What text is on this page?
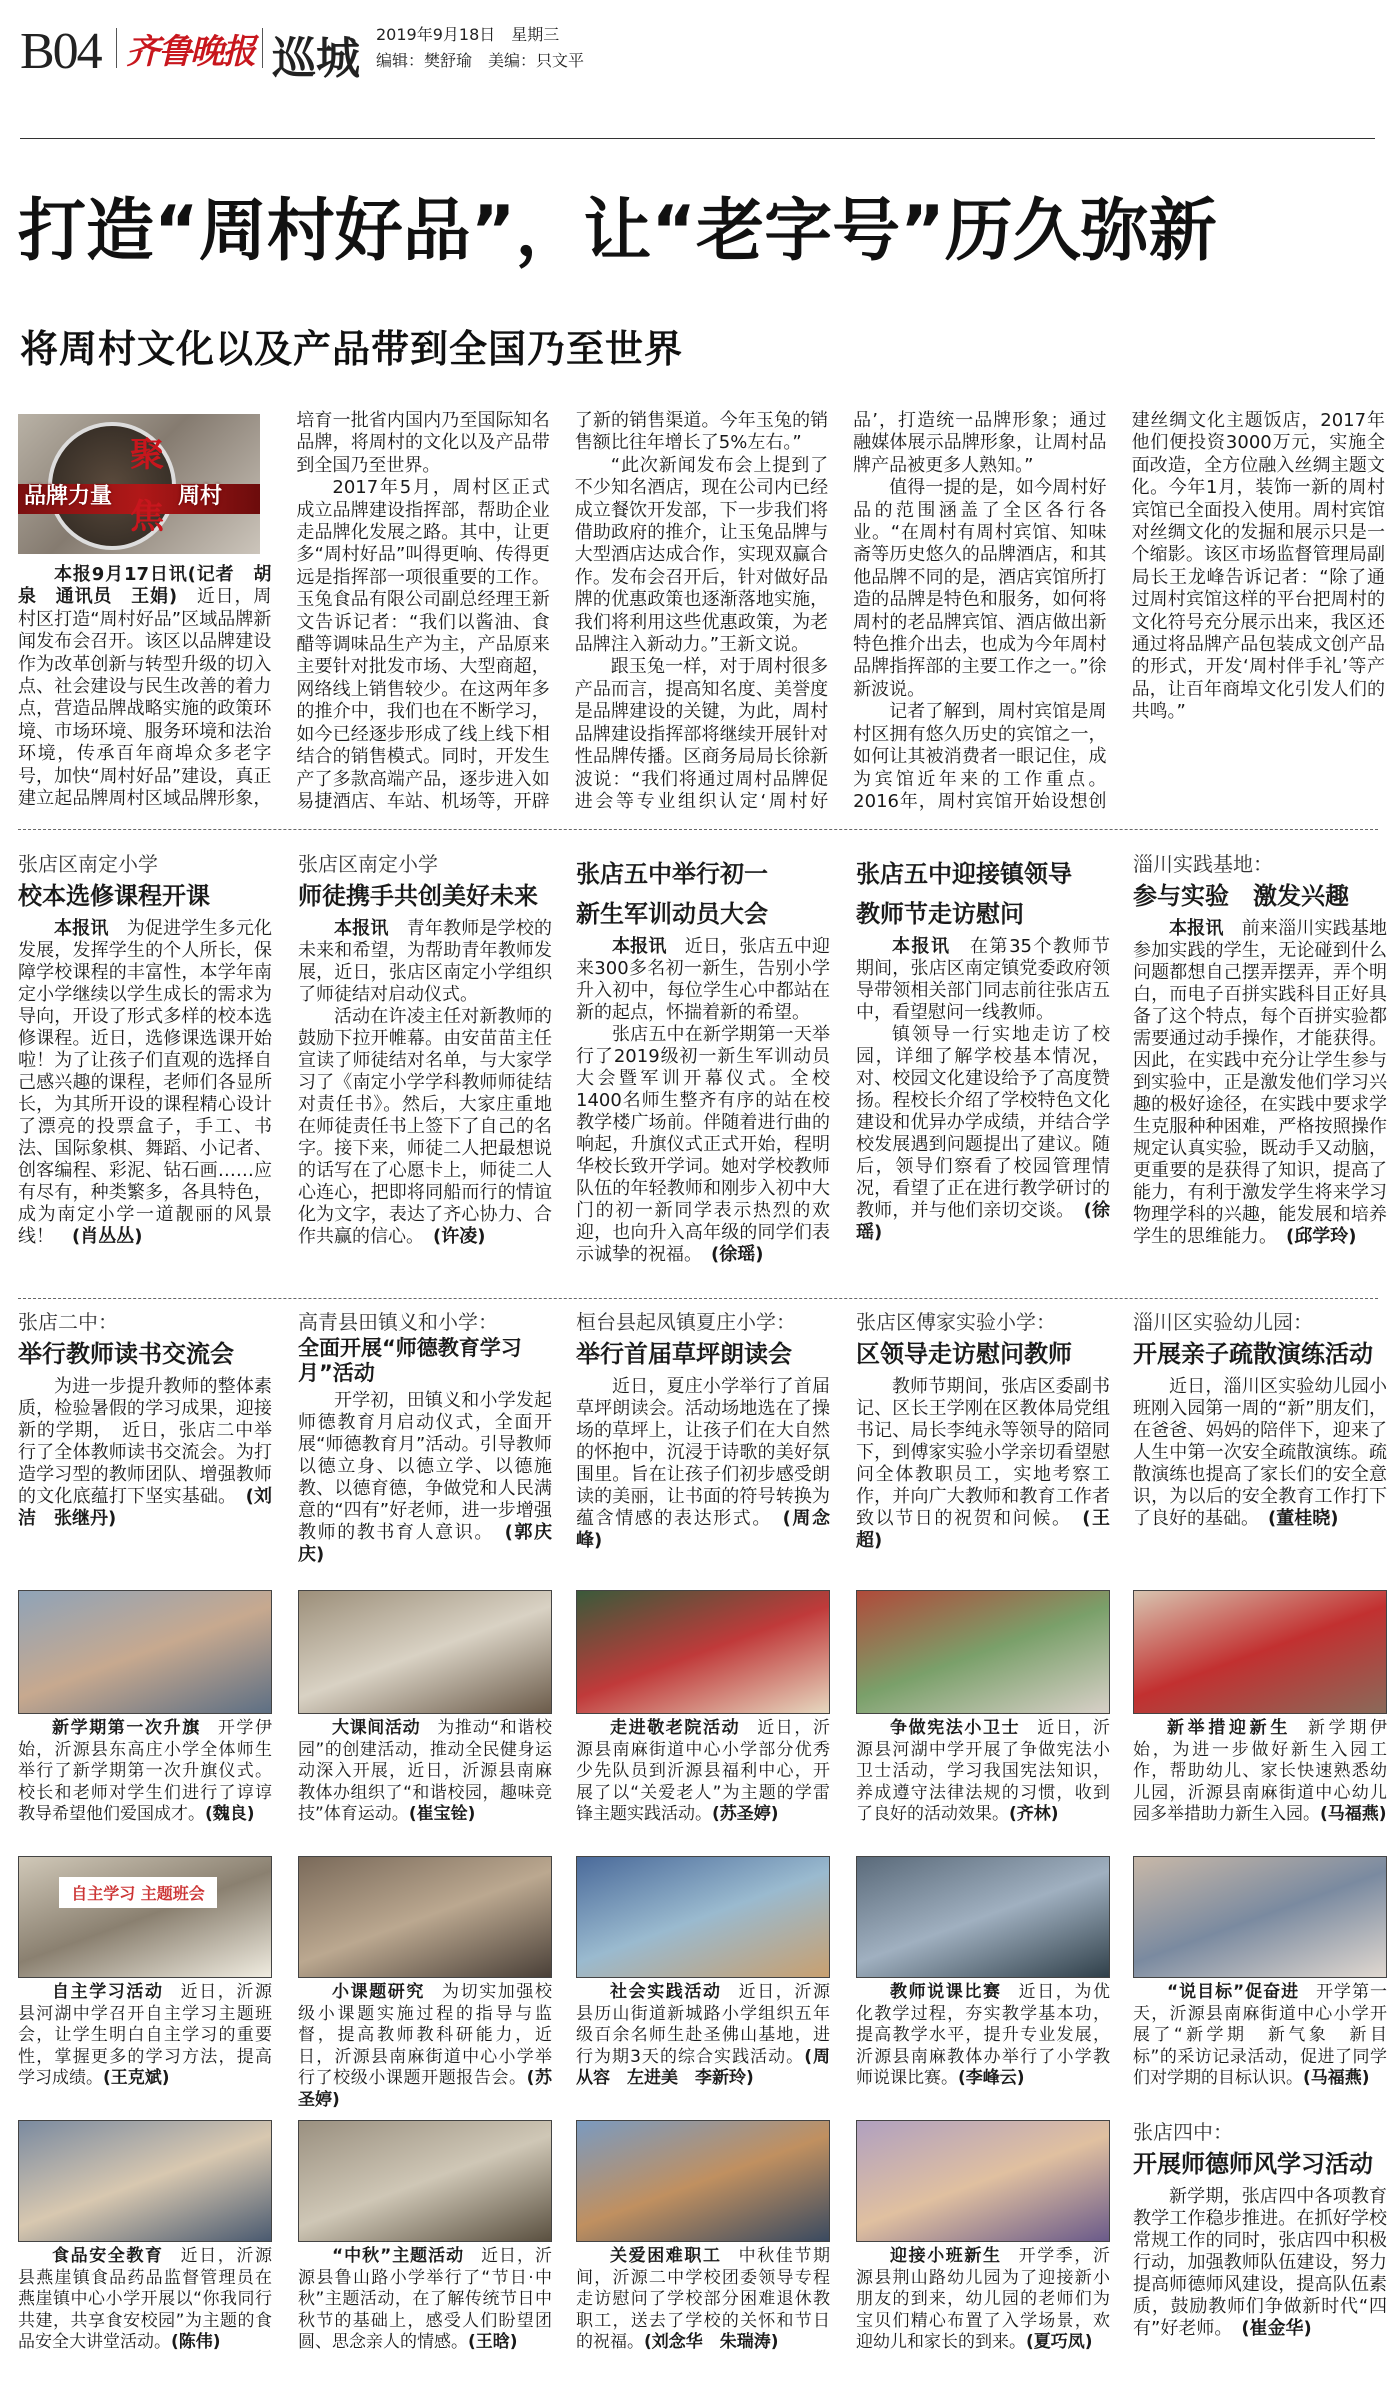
B04 齐鲁晚报 巡城 2019年9月18日　 星期三
编辑：樊舒瑜　 美编：只文平
打造“周村好品”，让“老字号”历久弥新
将周村文化以及产品带到全国乃至世界
品牌力量
聚焦
周村

本报9月17日讯(记者　胡泉　通讯员　王娟)　 近日，周村区打造“周村好品”区域品牌新闻发布会召开。该区以品牌建设作为改革创新与转型升级的切入点、社会建设与民生改善的着力点，营造品牌战略实施的政策环境、市场环境、服务环境和法治环境，传承百年商埠众多老字号，加快“周村好品”建设，真正建立起品牌周村区域品牌形象，培育一批省内国内乃至国际知名品牌，将周村的文化以及产品带到全国乃至世界。

2017年5月，周村区正式成立品牌建设指挥部，帮助企业走品牌化发展之路。其中，让更多“周村好品”叫得更响、传得更远是指挥部一项很重要的工作。玉兔食品有限公司副总经理王新文告诉记者：“我们以酱油、食醋等调味品生产为主，产品原来主要针对批发市场、大型商超，网络线上销售较少。在这两年多的推介中，我们也在不断学习，如今已经逐步形成了线上线下相结合的销售模式。同时，开发生产了多款高端产品，逐步进入如易捷酒店、车站、机场等，开辟了新的销售渠道。今年玉兔的销售额比往年增长了5%左右。”

“此次新闻发布会上提到了不少知名酒店，现在公司内已经成立餐饮开发部，下一步我们将借助政府的推介，让玉兔品牌与大型酒店达成合作，实现双赢合作。发布会召开后，针对做好品牌的优惠政策也逐渐落地实施，我们将利用这些优惠政策，为老品牌注入新动力。”王新文说。

跟玉兔一样，对于周村很多产品而言，提高知名度、美誉度是品牌建设的关键，为此，周村品牌建设指挥部将继续开展针对性品牌传播。区商务局局长徐新波说：“我们将通过周村品牌促进会等专业组织认定‘周村好品’，打造统一品牌形象；通过融媒体展示品牌形象，让周村品牌产品被更多人熟知。”

值得一提的是，如今周村好品的范围涵盖了全区各行各业。“在周村有周村宾馆、知味斋等历史悠久的品牌酒店，和其他品牌不同的是，酒店宾馆所打造的品牌是特色和服务，如何将周村的老品牌宾馆、酒店做出新特色推介出去，也成为今年周村品牌指挥部的主要工作之一。”徐新波说。

记者了解到，周村宾馆是周村区拥有悠久历史的宾馆之一，如何让其被消费者一眼记住，成为宾馆近年来的工作重点。2016年，周村宾馆开始设想创建丝绸文化主题饭店，2017年他们便投资3000万元，实施全面改造，全方位融入丝绸主题文化。今年1月，装饰一新的周村宾馆已全面投入使用。周村宾馆对丝绸文化的发掘和展示只是一个缩影。该区市场监督管理局副局长王龙峰告诉记者：“除了通过周村宾馆这样的平台把周村的文化符号充分展示出来，我区还通过将品牌产品包装成文创产品的形式，开发‘周村伴手礼’等产品，让百年商埠文化引发人们的共鸣。”

张店区南定小学
校本选修课程开课

本报讯　 为促进学生多元化发展，发挥学生的个人所长，保障学校课程的丰富性，本学年南定小学继续以学生成长的需求为导向，开设了形式多样的校本选修课程。近日，选修课选课开始啦！为了让孩子们直观的选择自己感兴趣的课程，老师们各显所长，为其所开设的课程精心设计了漂亮的投票盒子，手工、书法、国际象棋、舞蹈、小记者、创客编程、彩泥、钻石画……应有尽有，种类繁多，各具特色，成为南定小学一道靓丽的风景线！　 (肖丛丛)

张店区南定小学
师徒携手共创美好未来

本报讯　 青年教师是学校的未来和希望，为帮助青年教师发展，近日，张店区南定小学组织了师徒结对启动仪式。

活动在许凌主任对新教师的鼓励下拉开帷幕。由安苗苗主任宣读了师徒结对名单，与大家学习了《南定小学学科教师师徒结对责任书》。然后，大家庄重地在师徒责任书上签下了自己的名字。接下来，师徒二人把最想说的话写在了心愿卡上，师徒二人心连心，把即将同船而行的情谊化为文字，表达了齐心协力、合作共赢的信心。　 (许凌)

张店五中举行初一
新生军训动员大会

本报讯　 近日，张店五中迎来300多名初一新生，告别小学升入初中，每位学生心中都站在新的起点，怀揣着新的希望。

张店五中在新学期第一天举行了2019级初一新生军训动员大会暨军训开幕仪式。全校1400名师生整齐有序的站在校教学楼广场前。伴随着进行曲的响起，升旗仪式正式开始，程明华校长致开学词。她对学校教师队伍的年轻教师和刚步入初中大门的初一新同学表示热烈的欢迎，也向升入高年级的同学们表示诚挚的祝福。　 (徐瑶)

张店五中迎接镇领导
教师节走访慰问

本报讯　 在第35个教师节期间，张店区南定镇党委政府领导带领相关部门同志前往张店五中，看望慰问一线教师。

镇领导一行实地走访了校园，详细了解学校基本情况，对、校园文化建设给予了高度赞扬。程校长介绍了学校特色文化建设和优异办学成绩，并结合学校发展遇到问题提出了建议。随后，领导们察看了校园管理情况，看望了正在进行教学研讨的教师，并与他们亲切交谈。　 (徐瑶)

淄川实践基地：
参与实验　激发兴趣

本报讯　 前来淄川实践基地参加实践的学生，无论碰到什么问题都想自己摆弄摆弄，弄个明白，而电子百拼实践科目正好具备了这个特点，每个百拼实验都需要通过动手操作，才能获得。因此，在实践中充分让学生参与到实验中，正是激发他们学习兴趣的极好途径，在实践中要求学生克服种种困难，严格按照操作规定认真实验，既动手又动脑，更重要的是获得了知识，提高了能力，有利于激发学生将来学习物理学科的兴趣，能发展和培养学生的思维能力。　 (邱学玲)

张店二中：
举行教师读书交流会

为进一步提升教师的整体素质，检验暑假的学习成果，迎接新的学期，　近日，张店二中举行了全体教师读书交流会。为打造学习型的教师团队、增强教师的文化底蕴打下坚实基础。　 (刘洁　张继丹)

高青县田镇义和小学：
全面开展“师德教育学习月”活动

开学初，田镇义和小学发起师德教育月启动仪式，全面开展“师德教育月”活动。引导教师以德立身、以德立学、以德施教、以德育德，争做党和人民满意的“四有”好老师，进一步增强教师的教书育人意识。　 (郭庆庆)

桓台县起凤镇夏庄小学：
举行首届草坪朗读会

近日，夏庄小学举行了首届草坪朗读会。活动场地选在了操场的草坪上，让孩子们在大自然的怀抱中，沉浸于诗歌的美好氛围里。旨在让孩子们初步感受朗读的美丽，让书面的符号转换为蕴含情感的表达形式。　 (周念峰)

张店区傅家实验小学：
区领导走访慰问教师

教师节期间，张店区委副书记、区长王学刚在区教体局党组书记、局长李纯永等领导的陪同下，到傅家实验小学亲切看望慰问全体教职员工，实地考察工作，并向广大教师和教育工作者致以节日的祝贺和问候。　 (王超)

淄川区实验幼儿园：
开展亲子疏散演练活动

近日，淄川区实验幼儿园小班刚入园第一周的“新”朋友们，在爸爸、妈妈的陪伴下，迎来了人生中第一次安全疏散演练。疏散演练也提高了家长们的安全意识，为以后的安全教育工作打下了良好的基础。　 (董桂晓)

张店四中：
开展师德师风学习活动

新学期，张店四中各项教育教学工作稳步推进。在抓好学校常规工作的同时，张店四中积极行动，加强教师队伍建设，努力提高师德师风建设，提高队伍素质，鼓励教师们争做新时代“四有”好老师。　 (崔金华)

新学期第一次升旗 开学伊始，沂源县东高庄小学全体师生举行了新学期第一次升旗仪式。校长和老师对学生们进行了谆谆教导希望他们爱国成才。(魏良)
大课间活动 为推动“和谐校园”的创建活动，推动全民健身运动深入开展，近日，沂源县南麻教体办组织了“和谐校园，趣味竞技”体育运动。(崔宝铨)
走进敬老院活动 近日，沂源县南麻街道中心小学部分优秀少先队员到沂源县福利中心，开展了以“关爱老人”为主题的学雷锋主题实践活动。(苏圣婷)
争做宪法小卫士 近日，沂源县河湖中学开展了争做宪法小卫士活动，学习我国宪法知识，养成遵守法律法规的习惯，收到了良好的活动效果。(齐林)
新举措迎新生 新学期伊始，为进一步做好新生入园工作，帮助幼儿、家长快速熟悉幼儿园，沂源县南麻街道中心幼儿园多举措助力新生入园。(马福燕)
自主学习 主题班会
自主学习活动 近日，沂源县河湖中学召开自主学习主题班会，让学生明白自主学习的重要性，掌握更多的学习方法，提高学习成绩。(王克斌)
小课题研究 为切实加强校级小课题实施过程的指导与监督，提高教师教科研能力，近日，沂源县南麻街道中心小学举行了校级小课题开题报告会。(苏圣婷)
社会实践活动 近日，沂源县历山街道新城路小学组织五年级百余名师生赴圣佛山基地，进行为期3天的综合实践活动。(周从容　左进美　李新玲)
教师说课比赛 近日，为优化教学过程，夯实教学基本功，提高教学水平，提升专业发展，沂源县南麻教体办举行了小学教师说课比赛。(李峰云)
“说目标”促奋进 开学第一天，沂源县南麻街道中心小学开展了“新学期　新气象　新目标”的采访记录活动，促进了同学们对学期的目标认识。(马福燕)
食品安全教育 近日，沂源县燕崖镇食品药品监督管理员在燕崖镇中心小学开展以“你我同行共建，共享食安校园”为主题的食品安全大讲堂活动。(陈伟)
“中秋”主题活动 近日，沂源县鲁山路小学举行了“节日·中秋”主题活动，在了解传统节日中秋节的基础上，感受人们盼望团圆、思念亲人的情感。(王晗)
关爱困难职工 中秋佳节期间，沂源二中学校团委领导专程走访慰问了学校部分困难退休教职工，送去了学校的关怀和节日的祝福。(刘念华　朱瑞涛)
迎接小班新生 开学季，沂源县荆山路幼儿园为了迎接新小朋友的到来，幼儿园的老师们为宝贝们精心布置了入学场景，欢迎幼儿和家长的到来。(夏巧凤)
